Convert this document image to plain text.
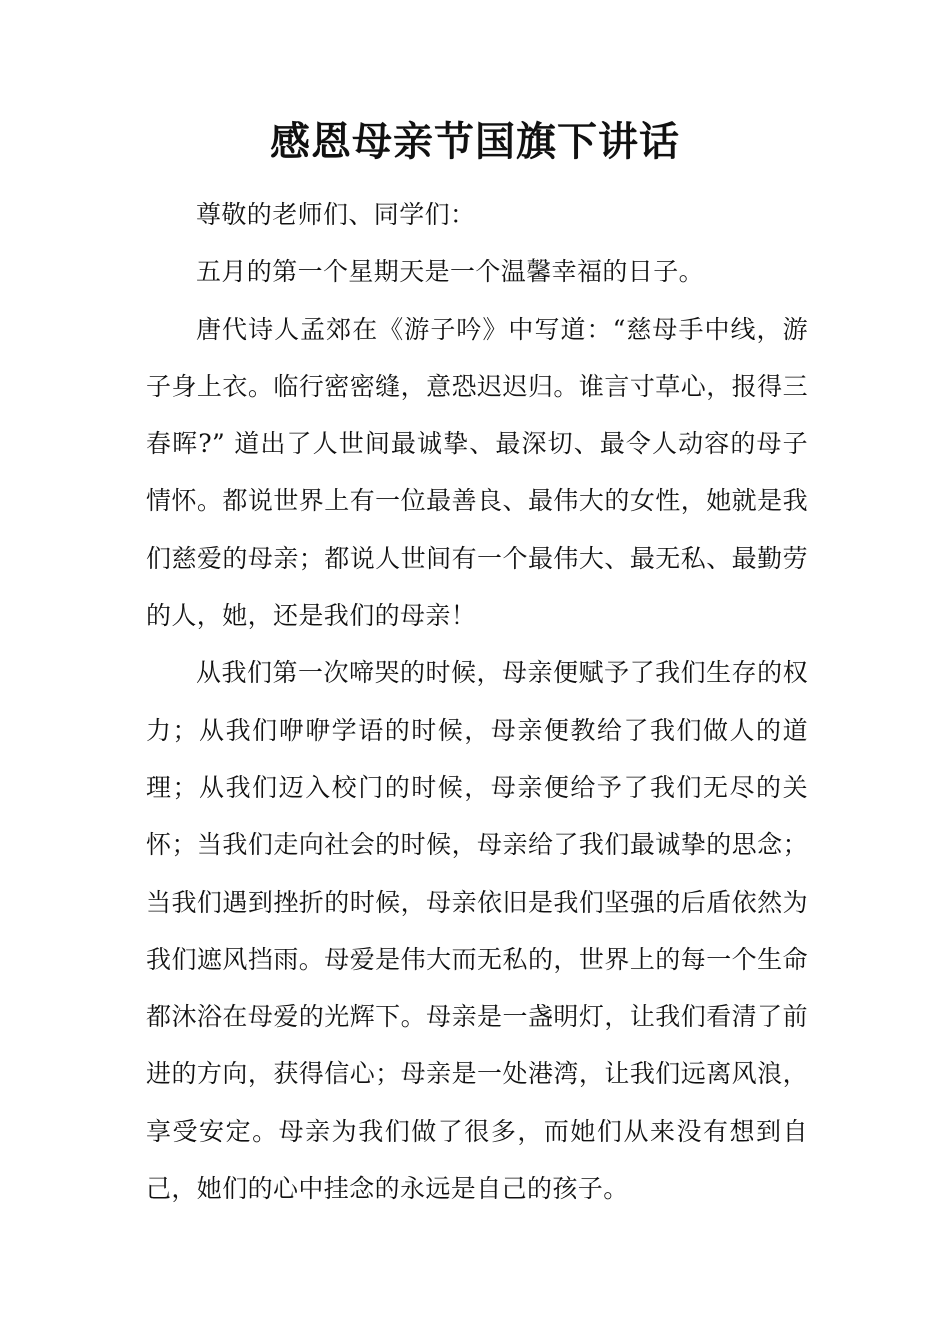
感恩母亲节国旗下讲话

尊敬的老师们、同学们：

五月的第一个星期天是一个温馨幸福的日子。

唐代诗人孟郊在《游子吟》中写道：“慈母手中线，游子身上衣。临行密密缝，意恐迟迟归。谁言寸草心，报得三春晖?” 道出了人世间最诚挚、最深切、最令人动容的母子情怀。都说世界上有一位最善良、最伟大的女性，她就是我们慈爱的母亲；都说人世间有一个最伟大、最无私、最勤劳的人，她，还是我们的母亲！

从我们第一次啼哭的时候，母亲便赋予了我们生存的权力；从我们咿咿学语的时候，母亲便教给了我们做人的道理；从我们迈入校门的时候，母亲便给予了我们无尽的关怀；当我们走向社会的时候，母亲给了我们最诚挚的思念；当我们遇到挫折的时候，母亲依旧是我们坚强的后盾依然为我们遮风挡雨。母爱是伟大而无私的，世界上的每一个生命都沐浴在母爱的光辉下。母亲是一盏明灯，让我们看清了前进的方向，获得信心；母亲是一处港湾，让我们远离风浪，享受安定。母亲为我们做了很多，而她们从来没有想到自己，她们的心中挂念的永远是自己的孩子。
